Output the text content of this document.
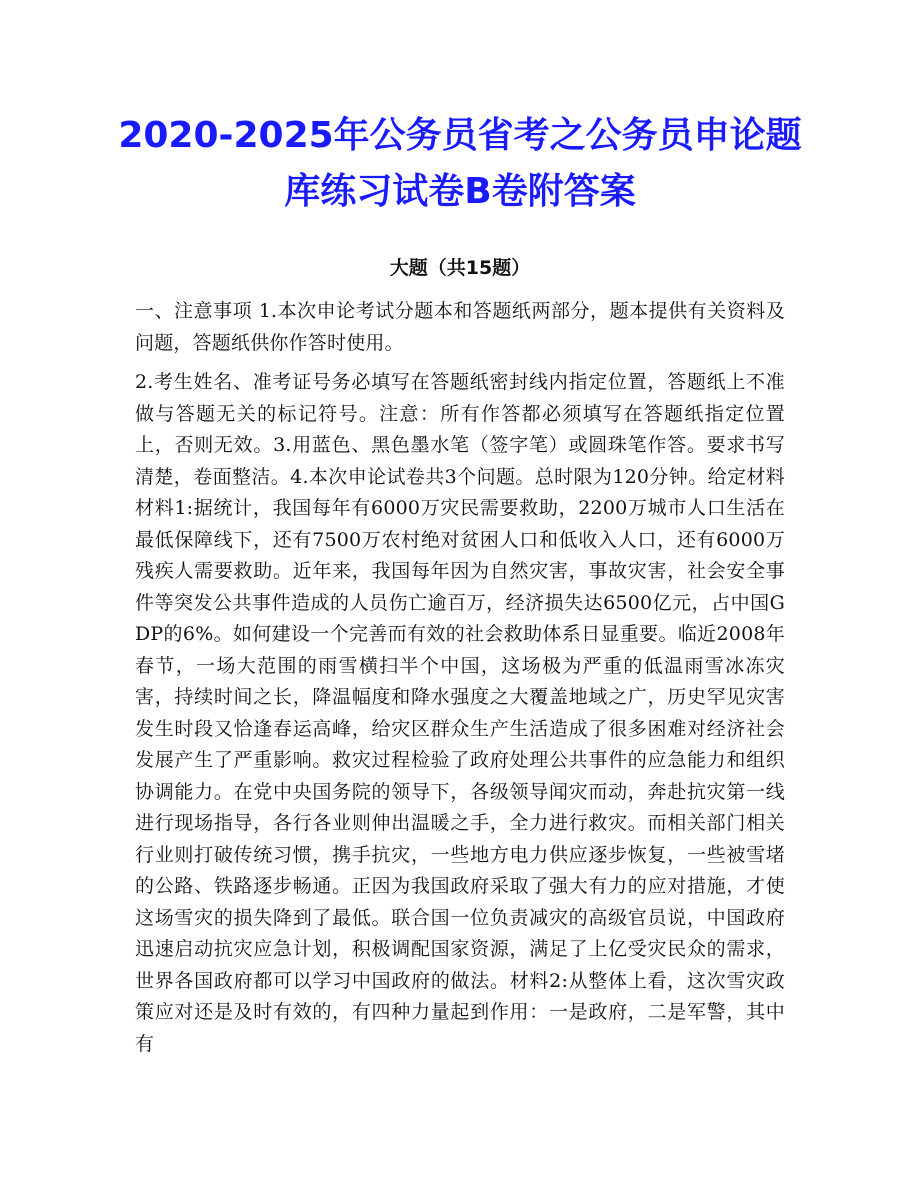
2020-2025年公务员省考之公务员申论题
库练习试卷B卷附答案
大题（共15题）

一、注意事项 1.本次申论考试分题本和答题纸两部分，题本提供有关资料及问题，答题纸供你作答时使用。

2.考生姓名、准考证号务必填写在答题纸密封线内指定位置，答题纸上不准做与答题无关的标记符号。注意：所有作答都必须填写在答题纸指定位置上，否则无效。3.用蓝色、黑色墨水笔（签字笔）或圆珠笔作答。要求书写清楚，卷面整洁。4.本次申论试卷共3个问题。总时限为120分钟。给定材料材料1:据统计，我国每年有6000万灾民需要救助，2200万城市人口生活在最低保障线下，还有7500万农村绝对贫困人口和低收入人口，还有6000万残疾人需要救助。近年来，我国每年因为自然灾害，事故灾害，社会安全事件等突发公共事件造成的人员伤亡逾百万，经济损失达6500亿元，占中国GDP的6%。如何建设一个完善而有效的社会救助体系日显重要。临近2008年春节，一场大范围的雨雪横扫半个中国，这场极为严重的低温雨雪冰冻灾害，持续时间之长，降温幅度和降水强度之大覆盖地域之广，历史罕见灾害发生时段又恰逢春运高峰，给灾区群众生产生活造成了很多困难对经济社会发展产生了严重影响。救灾过程检验了政府处理公共事件的应急能力和组织协调能力。在党中央国务院的领导下，各级领导闻灾而动，奔赴抗灾第一线进行现场指导，各行各业则伸出温暖之手，全力进行救灾。而相关部门相关行业则打破传统习惯，携手抗灾，一些地方电力供应逐步恢复，一些被雪堵的公路、铁路逐步畅通。正因为我国政府采取了强大有力的应对措施，才使这场雪灾的损失降到了最低。联合国一位负责减灾的高级官员说，中国政府迅速启动抗灾应急计划，积极调配国家资源，满足了上亿受灾民众的需求，世界各国政府都可以学习中国政府的做法。材料2:从整体上看，这次雪灾政策应对还是及时有效的，有四种力量起到作用：一是政府，二是军警，其中有
